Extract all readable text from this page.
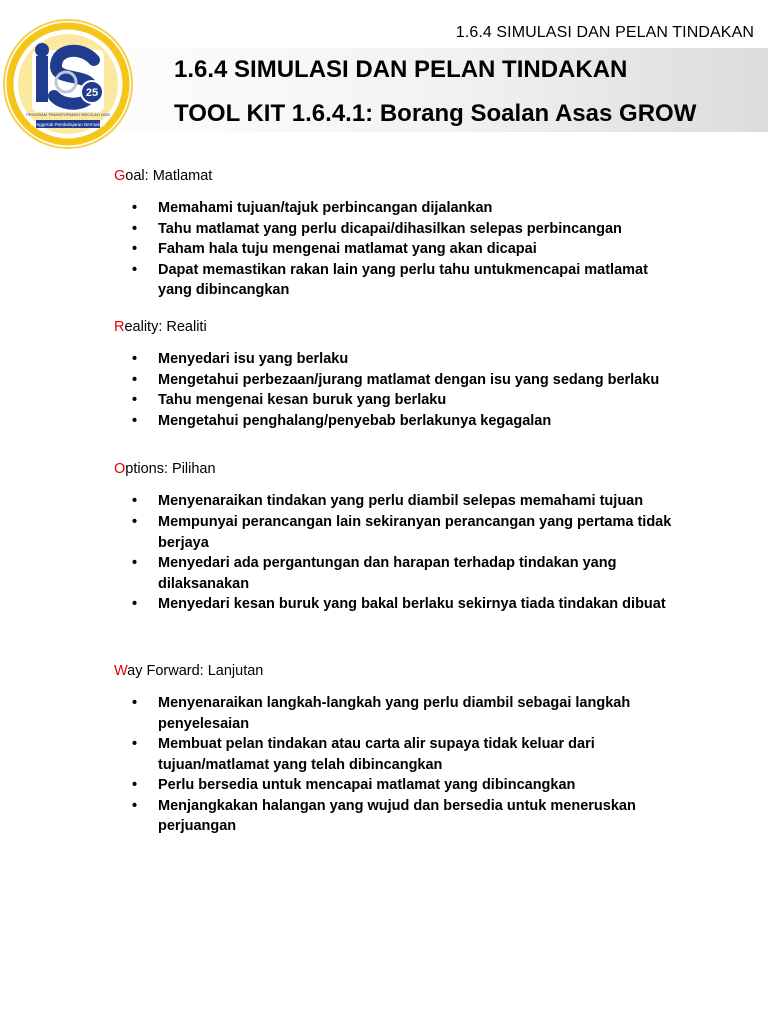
1.6.4 SIMULASI DAN PELAN TINDAKAN
1.6.4 SIMULASI DAN PELAN TINDAKAN
TOOL KIT 1.6.4.1: Borang Soalan Asas GROW
25
PROGRAM TRANSFORMASI SEKOLAH 2025
Penggerak Pembelajaran Bermakna
Goal: Matlamat
• Memahami tujuan/tajuk perbincangan dijalankan
• Tahu matlamat yang perlu dicapai/dihasilkan selepas perbincangan
• Faham hala tuju mengenai matlamat yang akan dicapai
• Dapat memastikan rakan lain yang perlu tahu untukmencapai matlamat yang dibincangkan
Reality: Realiti
• Menyedari isu yang berlaku
• Mengetahui perbezaan/jurang matlamat dengan isu yang sedang berlaku
• Tahu mengenai kesan buruk yang berlaku
• Mengetahui penghalang/penyebab berlakunya kegagalan
Options: Pilihan
• Menyenaraikan tindakan yang perlu diambil selepas memahami tujuan
• Mempunyai perancangan lain sekiranyan perancangan yang pertama tidak berjaya
• Menyedari ada pergantungan dan harapan terhadap tindakan yang dilaksanakan
• Menyedari kesan buruk yang bakal berlaku sekirnya tiada tindakan dibuat
Way Forward: Lanjutan
• Menyenaraikan langkah-langkah yang perlu diambil sebagai langkah penyelesaian
• Membuat pelan tindakan atau carta alir supaya tidak keluar dari tujuan/matlamat yang telah dibincangkan
• Perlu bersedia untuk mencapai matlamat yang dibincangkan
• Menjangkakan halangan yang wujud dan bersedia untuk meneruskan perjuangan
